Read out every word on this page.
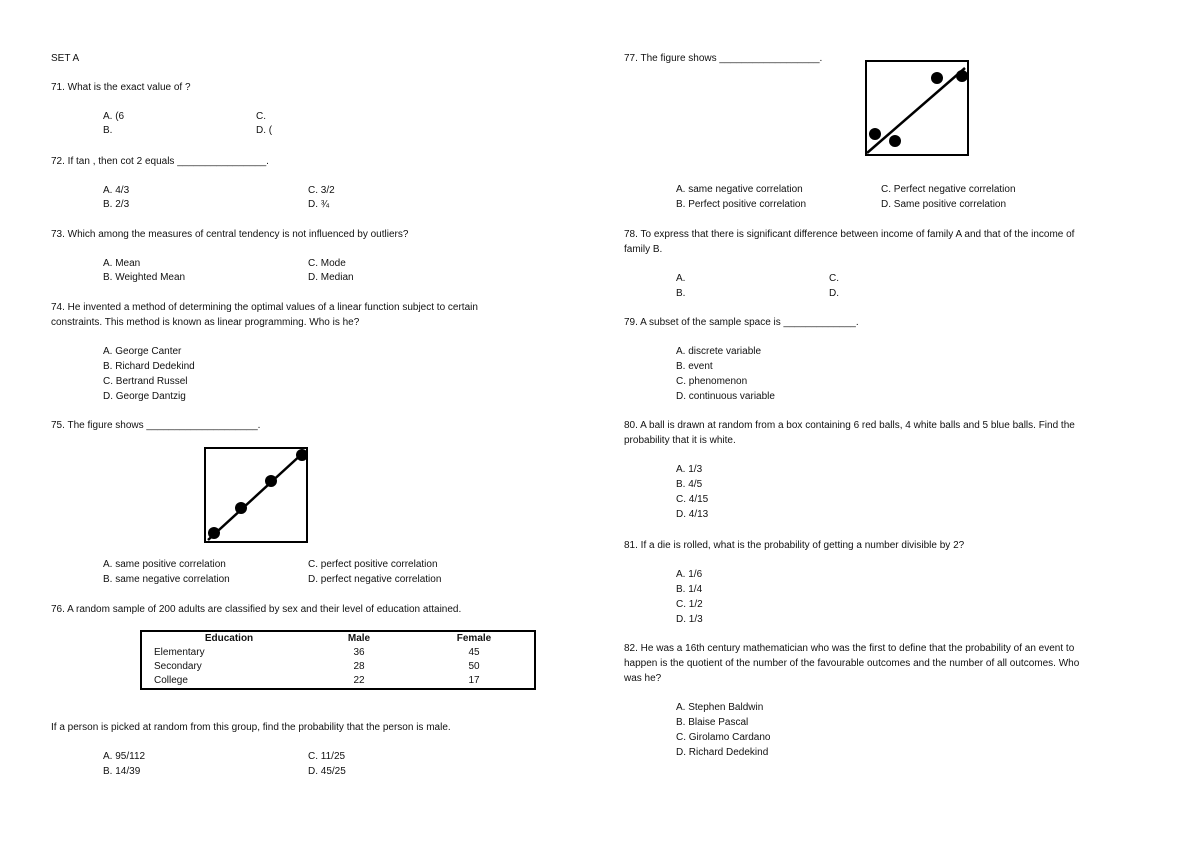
SET A
71. What is the exact value of ?
A. (6	C.
B.	D. (
72. If tan , then cot 2 equals ________________.
A. 4/3	C. 3/2
B. 2/3	D. ¾
73. Which among the measures of central tendency is not influenced by outliers?
A. Mean	C. Mode
B. Weighted Mean	D. Median
74. He invented a method of determining the optimal values of a linear function subject to certain
constraints. This method is known as linear programming. Who is he?
A. George Canter
B. Richard Dedekind
C. Bertrand Russel
D. George Dantzig
75. The figure shows ____________________.
A. same positive correlation	C. perfect positive correlation
B. same negative correlation	D. perfect negative correlation
76. A random sample of 200 adults are classified by sex and their level of education attained.
Education	Male	Female
Elementary	36	45
Secondary	28	50
College	22	17
If a person is picked at random from this group, find the probability that the person is male.
A. 95/112	C. 11/25
B. 14/39	D. 45/25
77. The figure shows __________________.
A. same negative correlation	C. Perfect negative correlation
B. Perfect positive correlation	D. Same positive correlation
78. To express that there is significant difference between income of family A and that of the income of
family B.
A.	C.
B.	D.
79. A subset of the sample space is _____________.
A. discrete variable
B. event
C. phenomenon
D. continuous variable
80. A ball is drawn at random from a box containing 6 red balls, 4 white balls and 5 blue balls. Find the
probability that it is white.
A. 1/3
B. 4/5
C. 4/15
D. 4/13
81. If a die is rolled, what is the probability of getting a number divisible by 2?
A. 1/6
B. 1/4
C. 1/2
D. 1/3
82. He was a 16th century mathematician who was the first to define that the probability of an event to
happen is the quotient of the number of the favourable outcomes and the number of all outcomes. Who
was he?
A. Stephen Baldwin
B. Blaise Pascal
C. Girolamo Cardano
D. Richard Dedekind
